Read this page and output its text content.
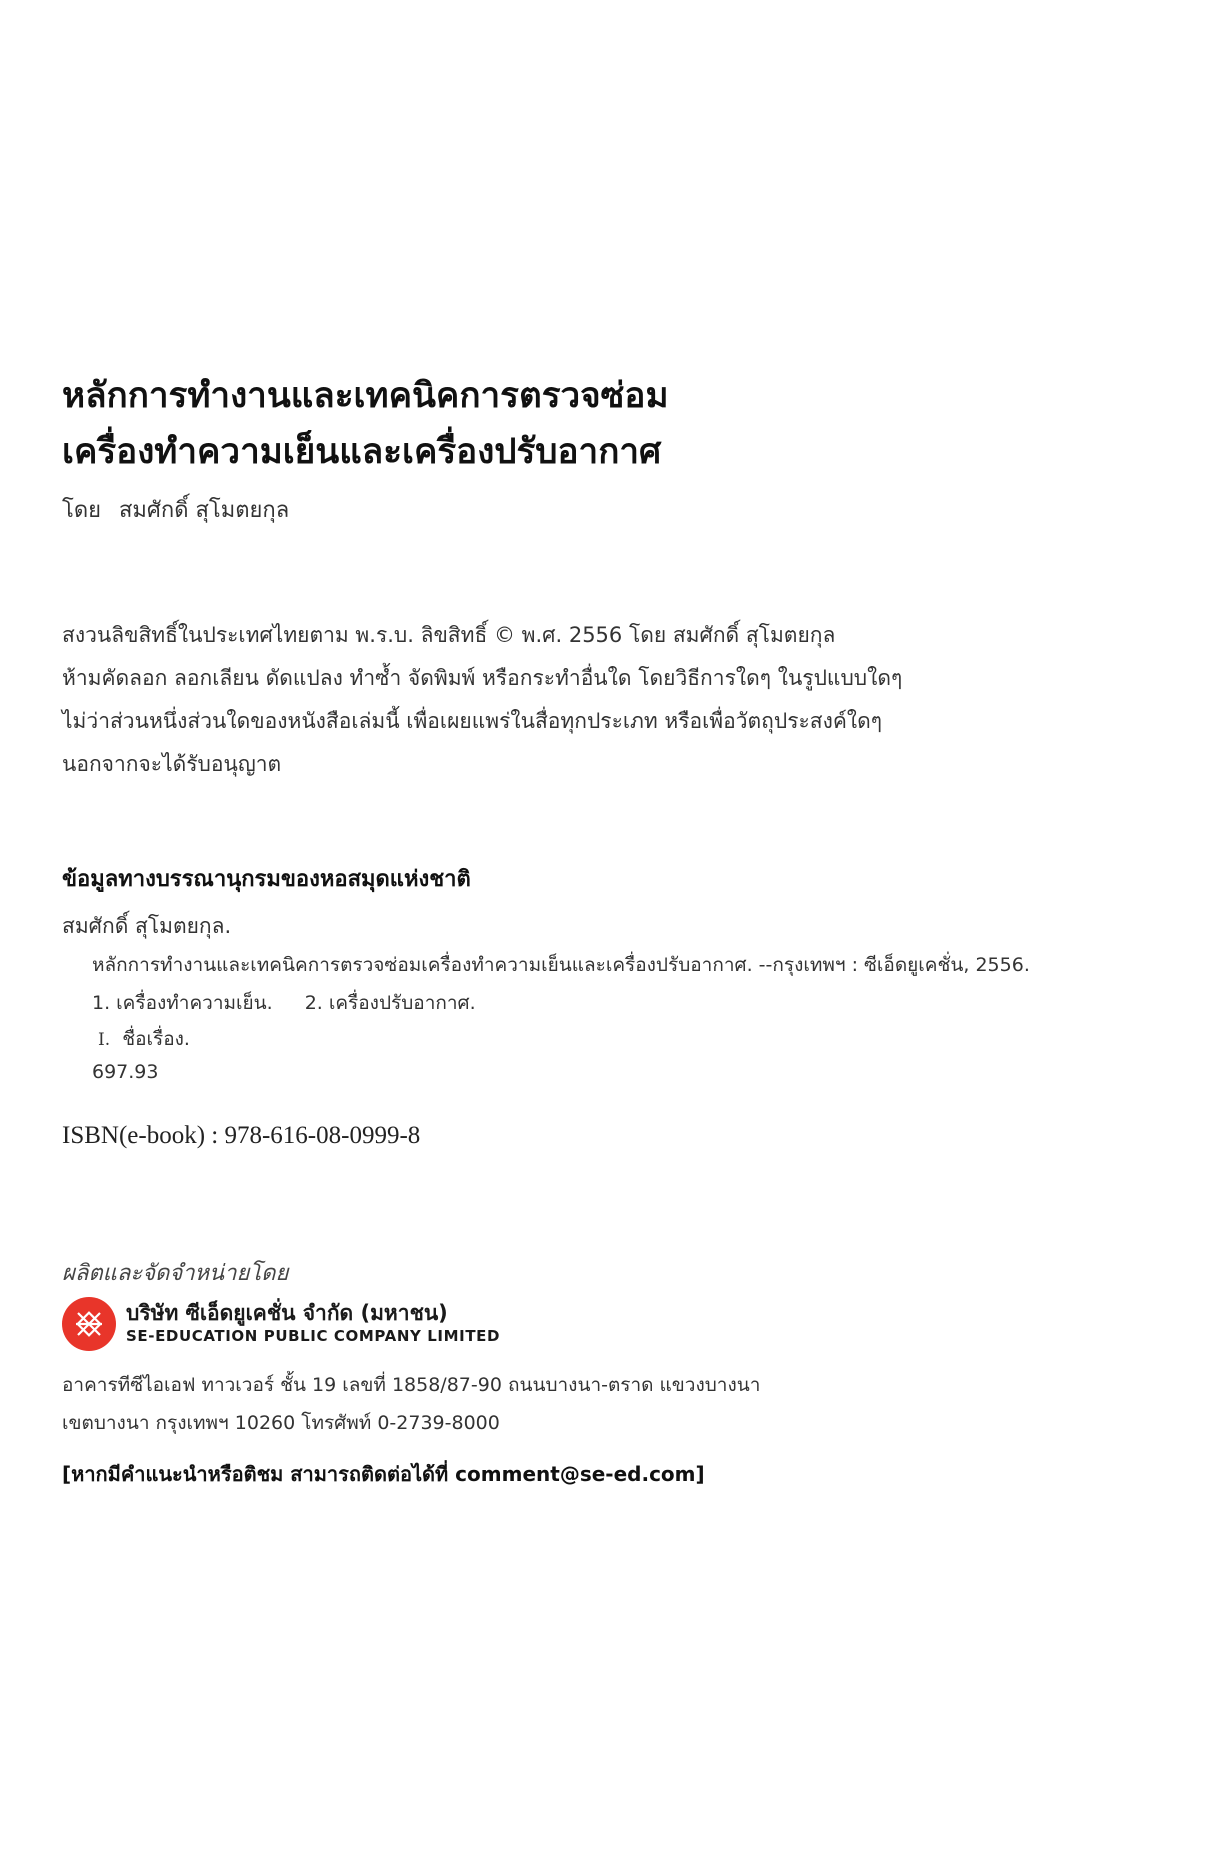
หลักการทำงานและเทคนิคการตรวจซ่อม
เครื่องทำความเย็นและเครื่องปรับอากาศ
โดย สมศักดิ์ สุโมตยกุล
สงวนลิขสิทธิ์ในประเทศไทยตาม พ.ร.บ. ลิขสิทธิ์ © พ.ศ. 2556 โดย สมศักดิ์ สุโมตยกุล
ห้ามคัดลอก ลอกเลียน ดัดแปลง ทำซ้ำ จัดพิมพ์ หรือกระทำอื่นใด โดยวิธีการใดๆ ในรูปแบบใดๆ
ไม่ว่าส่วนหนึ่งส่วนใดของหนังสือเล่มนี้ เพื่อเผยแพร่ในสื่อทุกประเภท หรือเพื่อวัตถุประสงค์ใดๆ
นอกจากจะได้รับอนุญาต
ข้อมูลทางบรรณานุกรมของหอสมุดแห่งชาติ
สมศักดิ์ สุโมตยกุล.
หลักการทำงานและเทคนิคการตรวจซ่อมเครื่องทำความเย็นและเครื่องปรับอากาศ. --กรุงเทพฯ : ซีเอ็ดยูเคชั่น, 2556.
1. เครื่องทำความเย็น. 2. เครื่องปรับอากาศ.
I. ชื่อเรื่อง.
697.93
ISBN(e-book) : 978-616-08-0999-8
ผลิตและจัดจำหน่ายโดย
บริษัท ซีเอ็ดยูเคชั่น จำกัด (มหาชน)
SE-EDUCATION PUBLIC COMPANY LIMITED
อาคารทีซีไอเอฟ ทาวเวอร์ ชั้น 19 เลขที่ 1858/87-90 ถนนบางนา-ตราด แขวงบางนา
เขตบางนา กรุงเทพฯ 10260 โทรศัพท์ 0-2739-8000
[หากมีคำแนะนำหรือติชม สามารถติดต่อได้ที่ comment@se-ed.com]
